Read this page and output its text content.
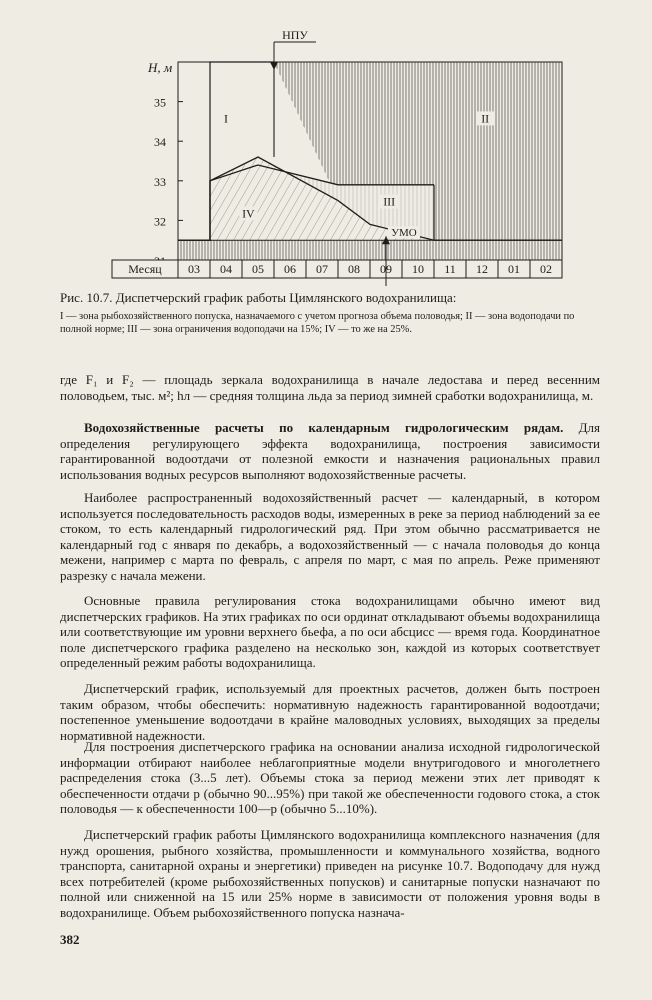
32
33
34
35
H, м
Месяц 03 04 05 06 07 08 09 10 11 12 01 02
I	II
III
IV
НПУ
УМО
Рис. 10.7. Диспетчерский график работы Цимлянского водохранилища:
I — зона рыбохозяйственного попуска, назначаемого с учетом прогноза объема половодья; II — зона водоподачи по полной норме; III — зона ограничения водоподачи на 15%; IV — то же на 25%.

где F₁ и F₂ — площадь зеркала водохранилища в начале ледостава и перед весенним половодьем, тыс. м²; hл — средняя толщина льда за период зимней сработки водохранилища, м.

Водохозяйственные расчеты по календарным гидрологическим рядам. Для определения регулирующего эффекта водохранилища, построения зависимости гарантированной водоотдачи от полезной емкости и назначения рациональных правил использования водных ресурсов выполняют водохозяйственные расчеты.

Наиболее распространенный водохозяйственный расчет — календарный, в котором используется последовательность расходов воды, измеренных в реке за период наблюдений за ее стоком, то есть календарный гидрологический ряд. При этом обычно рассматривается не календарный год с января по декабрь, а водохозяйственный — с начала половодья до конца межени, например с марта по февраль, с апреля по март, с мая по апрель. Реже применяют разрезку с начала межени.

Основные правила регулирования стока водохранилищами обычно имеют вид диспетчерских графиков. На этих графиках по оси ординат откладывают объемы водохранилища или соответствующие им уровни верхнего бьефа, а по оси абсцисс — время года. Координатное поле диспетчерского графика разделено на несколько зон, каждой из которых соответствует определенный режим работы водохранилища.

Диспетчерский график, используемый для проектных расчетов, должен быть построен таким образом, чтобы обеспечить: нормативную надежность гарантированной водоотдачи; постепенное уменьшение водоотдачи в крайне маловодных условиях, выходящих за пределы нормативной надежности.

Для построения диспетчерского графика на основании анализа исходной гидрологической информации отбирают наиболее неблагоприятные модели внутригодового и многолетнего распределения стока (3...5 лет). Объемы стока за период межени этих лет приводят к обеспеченности отдачи p (обычно 90...95%) при такой же обеспеченности годового стока, а сток половодья — к обеспеченности 100—p (обычно 5...10%).

Диспетчерский график работы Цимлянского водохранилища комплексного назначения (для нужд орошения, рыбного хозяйства, промышленности и коммунального хозяйства, водного транспорта, санитарной охраны и энергетики) приведен на рисунке 10.7. Водоподачу для нужд всех потребителей (кроме рыбохозяйственных попусков) и санитарные попуски назначают по полной или сниженной на 15 или 25% норме в зависимости от положения уровня воды в водохранилище. Объем рыбохозяйственного попуска назнача-

382
